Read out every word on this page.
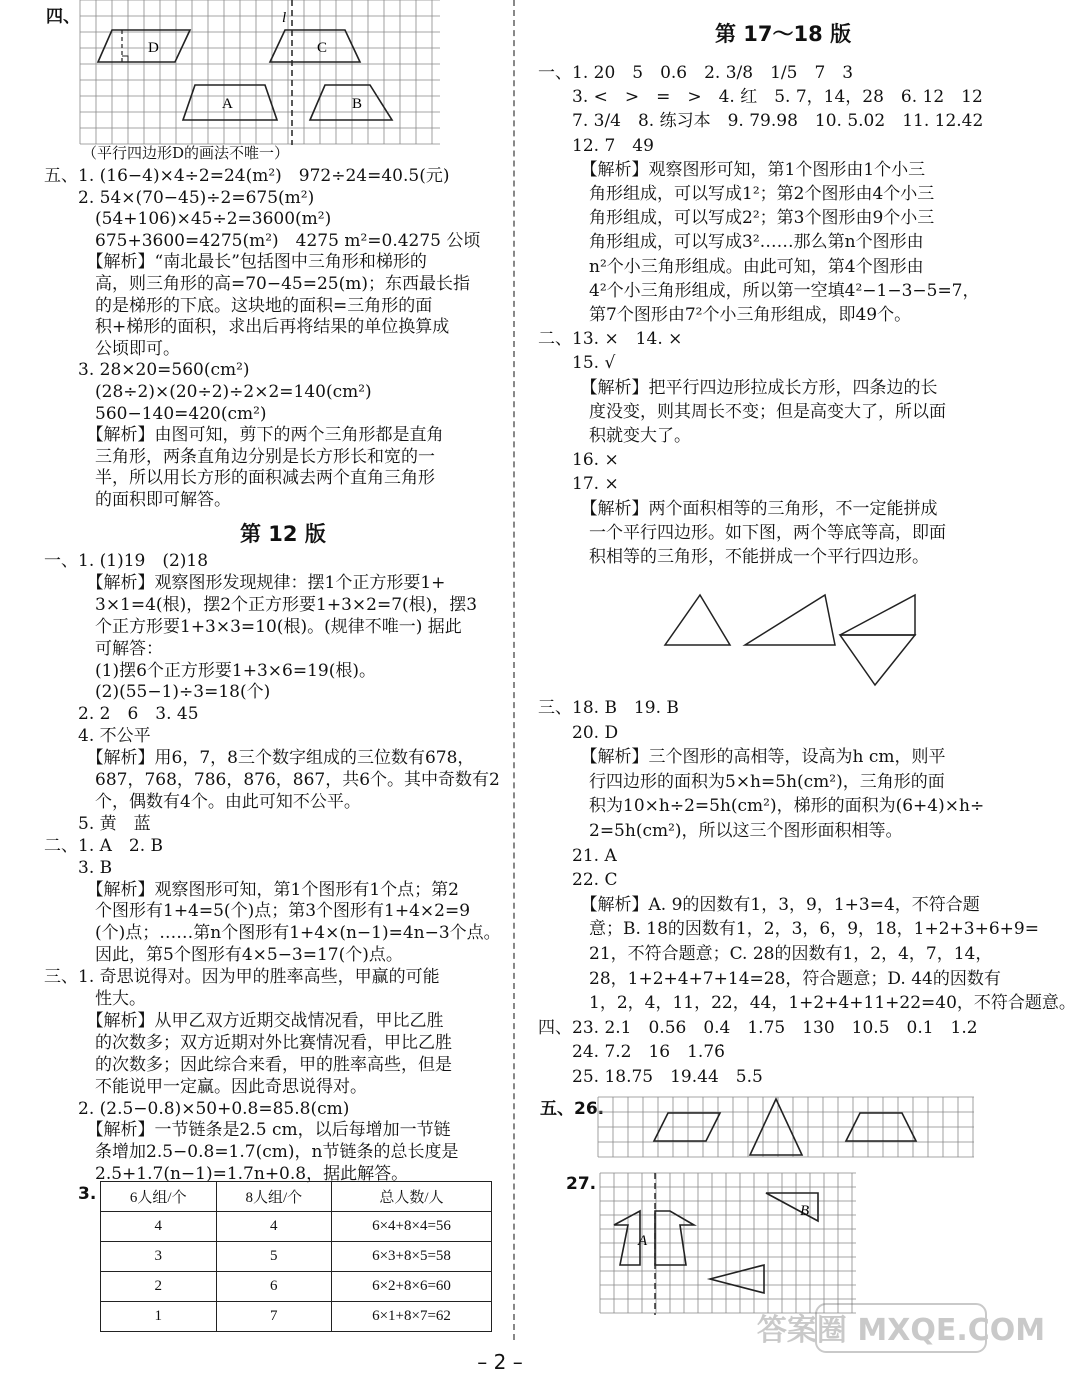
四、
D	C
A	B
l
（平行四边形D的画法不唯一）
五、1. (16−4)×4÷2=24(m²)　972÷24=40.5(元)
　　2. 54×(70−45)÷2=675(m²)
　　　(54+106)×45÷2=3600(m²)
　　　675+3600=4275(m²)　4275 m²=0.4275 公顷
　　　【解析】“南北最长”包括图中三角形和梯形的
　　　高，则三角形的高=70−45=25(m)；东西最长指
　　　的是梯形的下底。这块地的面积=三角形的面
　　　积+梯形的面积，求出后再将结果的单位换算成
　　　公顷即可。
　　3. 28×20=560(cm²)
　　　(28÷2)×(20÷2)÷2×2=140(cm²)
　　　560−140=420(cm²)
　　　【解析】由图可知，剪下的两个三角形都是直角
　　　三角形，两条直角边分别是长方形长和宽的一
　　　半，所以用长方形的面积减去两个直角三角形
　　　的面积即可解答。
第 12 版
一、1. (1)19　(2)18
　　　【解析】观察图形发现规律：摆1个正方形要1+
　　　3×1=4(根)，摆2个正方形要1+3×2=7(根)，摆3
　　　个正方形要1+3×3=10(根)。(规律不唯一) 据此
　　　可解答：
　　　(1)摆6个正方形要1+3×6=19(根)。
　　　(2)(55−1)÷3=18(个)
　　2. 2　6　3. 45
　　4. 不公平
　　　【解析】用6，7，8三个数字组成的三位数有678，
　　　687，768，786，876，867，共6个。其中奇数有2
　　　个，偶数有4个。由此可知不公平。
　　5. 黄　蓝
二、1. A　2. B
　　3. B
　　　【解析】观察图形可知，第1个图形有1个点；第2
　　　个图形有1+4=5(个)点；第3个图形有1+4×2=9
　　　(个)点；……第n个图形有1+4×(n−1)=4n−3个点。
　　　因此，第5个图形有4×5−3=17(个)点。
三、1. 奇思说得对。因为甲的胜率高些，甲赢的可能
　　　性大。
　　　【解析】从甲乙双方近期交战情况看，甲比乙胜
　　　的次数多；双方近期对外比赛情况看，甲比乙胜
　　　的次数多；因此综合来看，甲的胜率高些，但是
　　　不能说甲一定赢。因此奇思说得对。
　　2. (2.5−0.8)×50+0.8=85.8(cm)
　　　【解析】一节链条是2.5 cm，以后每增加一节链
　　　条增加2.5−0.8=1.7(cm)，n节链条的总长度是
　　　2.5+1.7(n−1)=1.7n+0.8，据此解答。
3. 6人组/个	8人组/个	总人数/人
4	4	6×4+8×4=56
3	5	6×3+8×5=58
2	6	6×2+8×6=60
1	7	6×1+8×7=62
第 17～18 版
一、1. 20　5　0.6　2. 3/8　1/5　7　3
　　3. <　>　=　>　4. 红　5. 7，14，28　6. 12　12
　　7. 3/4　8. 练习本　9. 79.98　10. 5.02　11. 12.42
　　12. 7　49
　　　【解析】观察图形可知，第1个图形由1个小三
　　　角形组成，可以写成1²；第2个图形由4个小三
　　　角形组成，可以写成2²；第3个图形由9个小三
　　　角形组成，可以写成3²……那么第n个图形由
　　　n²个小三角形组成。由此可知，第4个图形由
　　　4²个小三角形组成，所以第一空填4²−1−3−5=7，
　　　第7个图形由7²个小三角形组成，即49个。
二、13. ×　14. ×
　　15. √
　　　【解析】把平行四边形拉成长方形，四条边的长
　　　度没变，则其周长不变；但是高变大了，所以面
　　　积就变大了。
　　16. ×
　　17. ×
　　　【解析】两个面积相等的三角形，不一定能拼成
　　　一个平行四边形。如下图，两个等底等高，即面
　　　积相等的三角形，不能拼成一个平行四边形。
三、18. B　19. B
　　20. D
　　　【解析】三个图形的高相等，设高为h cm，则平
　　　行四边形的面积为5×h=5h(cm²)，三角形的面
　　　积为10×h÷2=5h(cm²)，梯形的面积为(6+4)×h÷
　　　2=5h(cm²)，所以这三个图形面积相等。
　　21. A
　　22. C
　　　【解析】A. 9的因数有1，3，9，1+3=4，不符合题
　　　意；B. 18的因数有1，2，3，6，9，18，1+2+3+6+9=
　　　21，不符合题意；C. 28的因数有1，2，4，7，14，
　　　28，1+2+4+7+14=28，符合题意；D. 44的因数有
　　　1，2，4，11，22，44，1+2+4+11+22=40，不符合题意。
四、23. 2.1　0.56　0.4　1.75　130　10.5　0.1　1.2
　　24. 7.2　16　1.76̇
　　25. 18.75　19.44　5.5
五、26.
27.
A
B
– 2 –
答案圈 MXQE.COM
